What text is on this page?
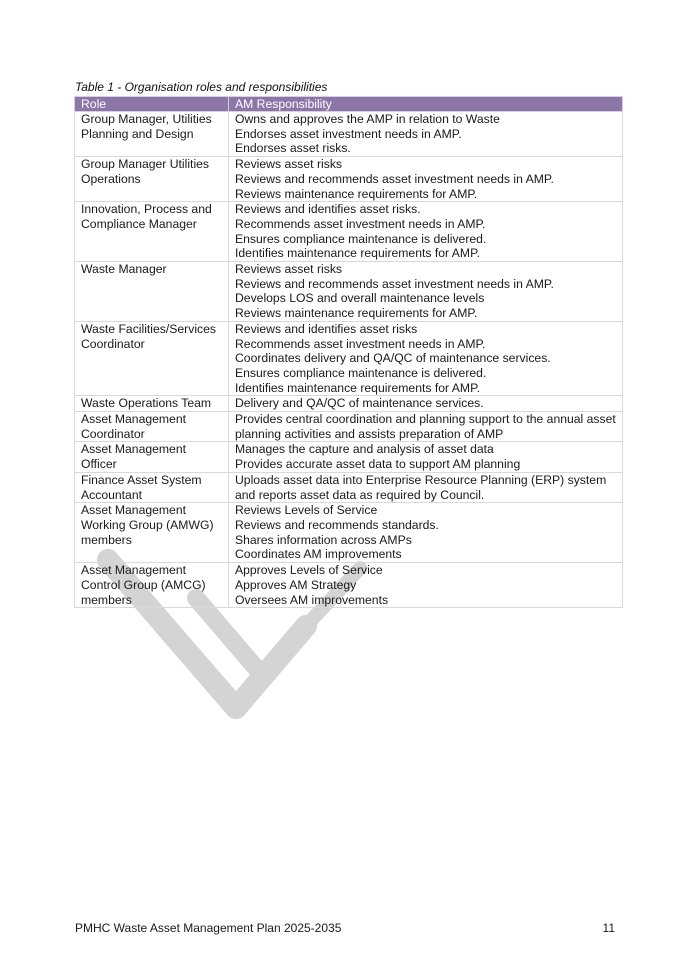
Table 1 - Organisation roles and responsibilities
Role	AM Responsibility
Group Manager, Utilities Planning and Design	Owns and approves the AMP in relation to Waste
Endorses asset investment needs in AMP.
Endorses asset risks.

Group Manager Utilities Operations	Reviews asset risks
Reviews and recommends asset investment needs in AMP.
Reviews maintenance requirements for AMP.

Innovation, Process and Compliance Manager	Reviews and identifies asset risks.
Recommends asset investment needs in AMP.
Ensures compliance maintenance is delivered.
Identifies maintenance requirements for AMP.

Waste Manager	Reviews asset risks
Reviews and recommends asset investment needs in AMP.
Develops LOS and overall maintenance levels
Reviews maintenance requirements for AMP.

Waste Facilities/Services Coordinator	Reviews and identifies asset risks
Recommends asset investment needs in AMP.
Coordinates delivery and QA/QC of maintenance services.
Ensures compliance maintenance is delivered.
Identifies maintenance requirements for AMP.

Waste Operations Team	Delivery and QA/QC of maintenance services.

Asset Management Coordinator	Provides central coordination and planning support to the annual asset planning activities and assists preparation of AMP

Asset Management Officer	Manages the capture and analysis of asset data
Provides accurate asset data to support AM planning

Finance Asset System Accountant	Uploads asset data into Enterprise Resource Planning (ERP) system and reports asset data as required by Council.

Asset Management Working Group (AMWG) members	Reviews Levels of Service
Reviews and recommends standards.
Shares information across AMPs
Coordinates AM improvements

Asset Management Control Group (AMCG) members	Approves Levels of Service
Approves AM Strategy
Oversees AM improvements
PMHC Waste Asset Management Plan 2025-2035	11
